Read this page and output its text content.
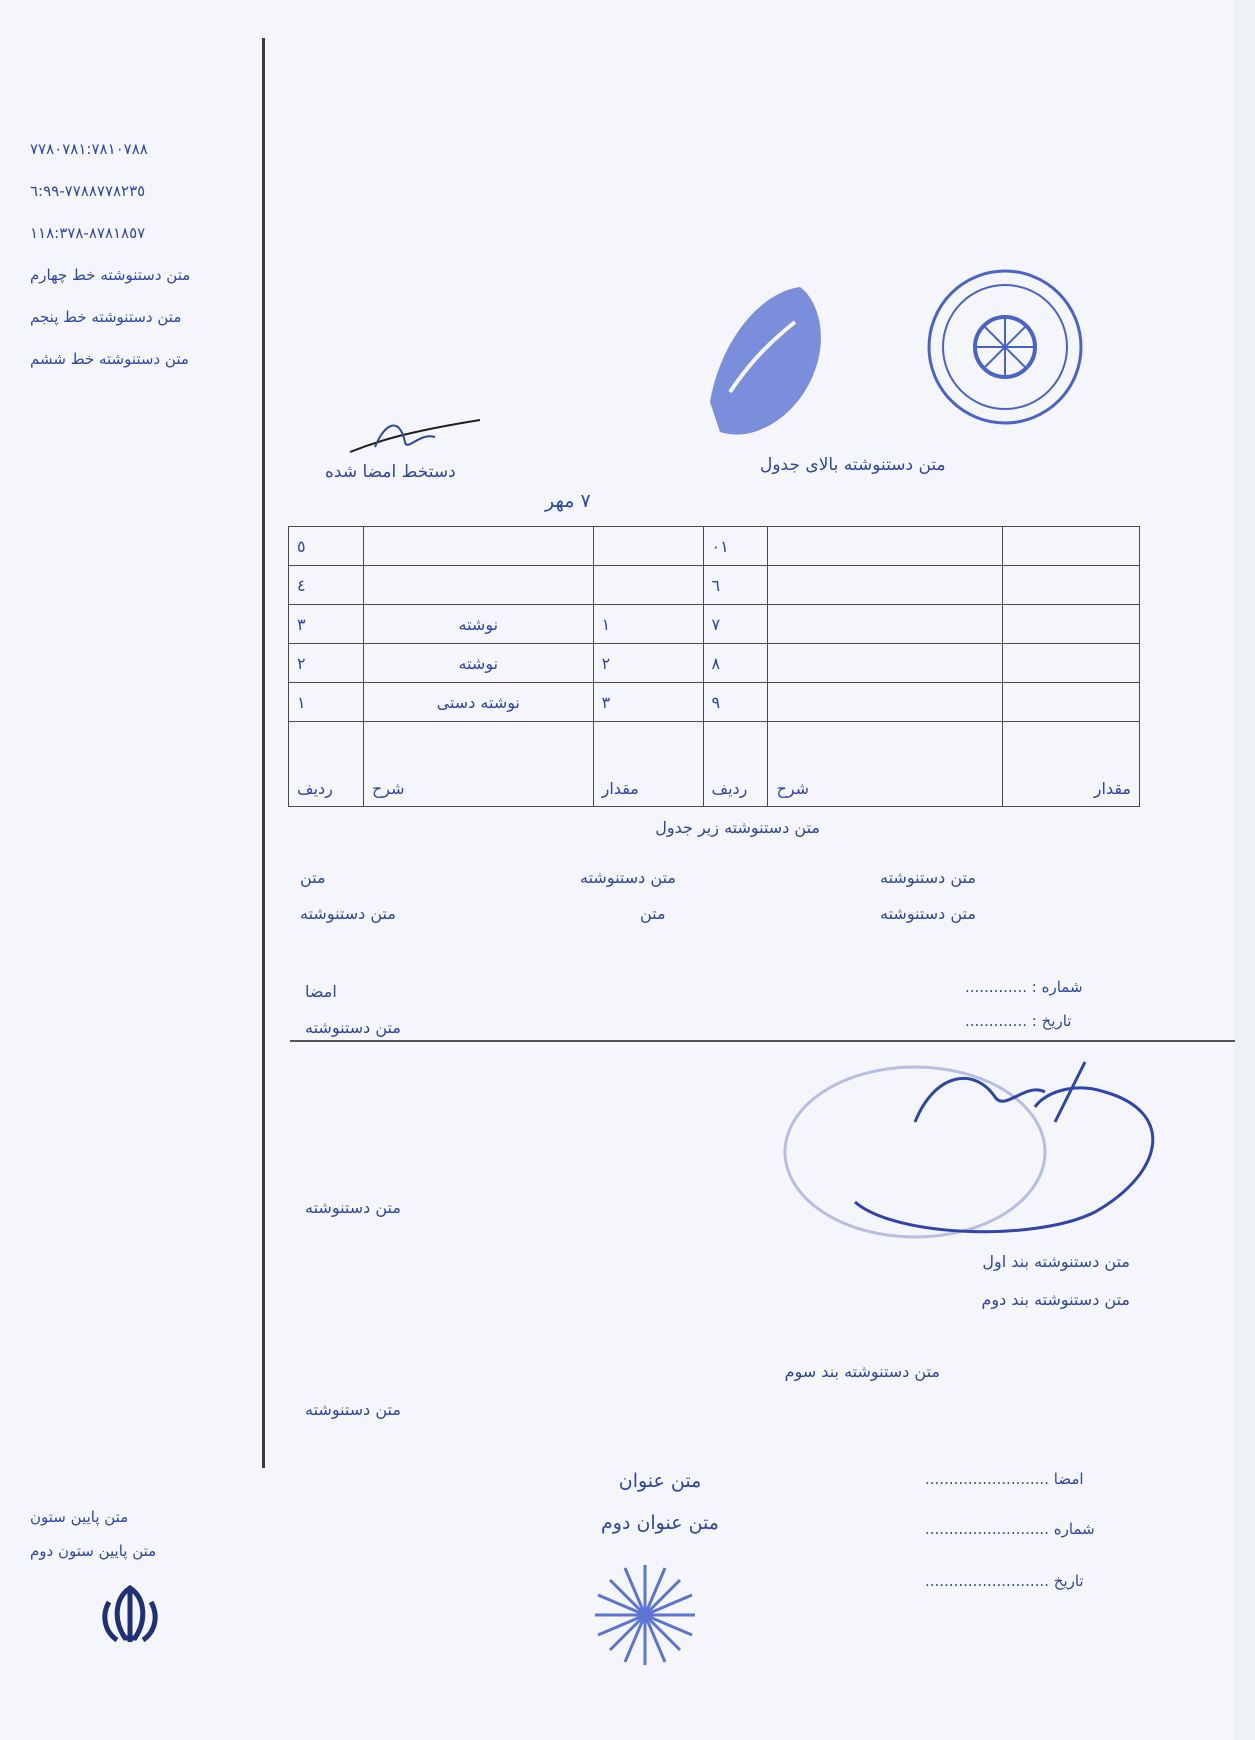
٧٧٨٠٧٨١:٧٨١٠٧٨٨
٧٧٨٨٧٧٨٢٣٥-٦:٩٩
٨٧٨١٨٥٧-١١٨:٣٧٨
متن دستنوشته خط چهارم
متن دستنوشته خط پنجم
متن دستنوشته خط ششم
متن پایین ستون
متن پایین ستون دوم
دستخط امضا شده
٧ مهر
متن دستنوشته بالای جدول
٥			٠١		
٤			٦		
٣	نوشته	١	٧		
٢	نوشته	٢	٨		
١	نوشته دستی	٣	٩		
ردیف	شرح	مقدار	ردیف	شرح	مقدار
متن دستنوشته زیر جدول
متن
متن دستنوشته
متن دستنوشته
متن
متن دستنوشته
متن دستنوشته
امضا
متن دستنوشته
............. : شماره
............. : تاریخ
متن دستنوشته
متن دستنوشته بند اول
متن دستنوشته بند دوم
متن دستنوشته بند سوم
متن دستنوشته
متن عنوان
متن عنوان دوم
.......................... امضا
.......................... شماره
.......................... تاریخ
